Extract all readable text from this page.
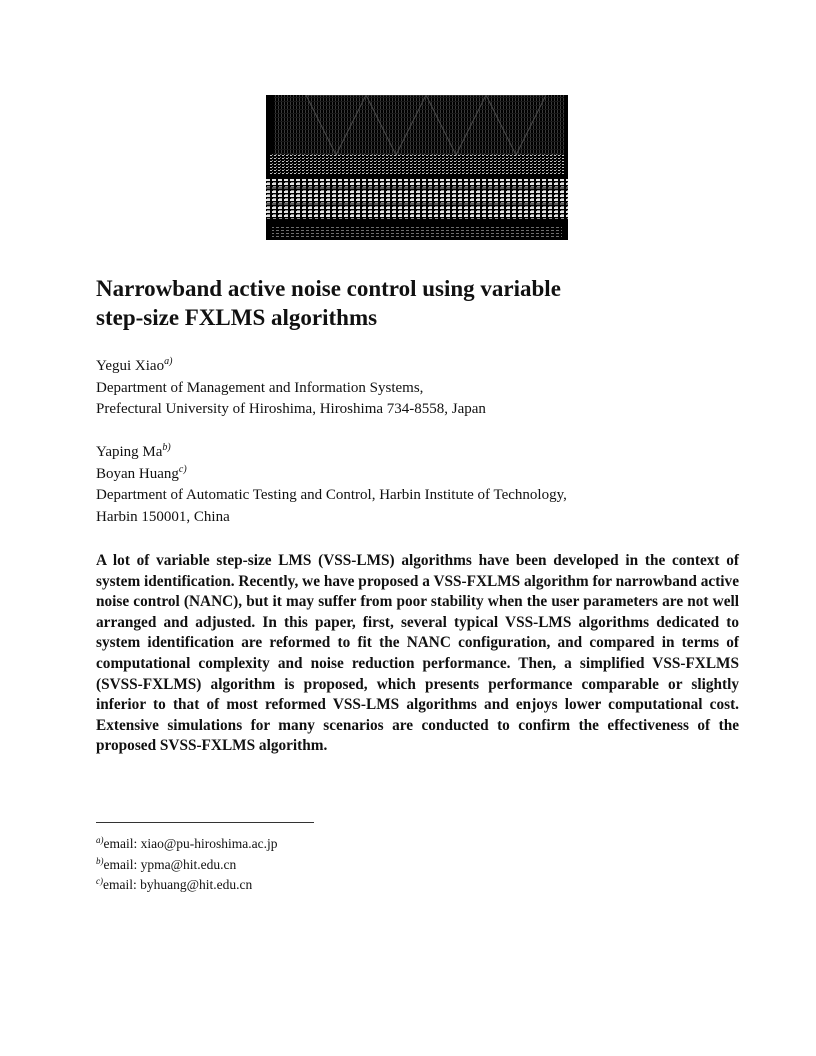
Narrowband active noise control using variable
step-size FXLMS algorithms
Yegui Xiao$^{a)}$
Department of Management and Information Systems,
Prefectural University of Hiroshima, Hiroshima 734-8558, Japan
Yaping Ma$^{b)}$
Boyan Huang$^{c)}$
Department of Automatic Testing and Control, Harbin Institute of Technology,
Harbin 150001, China

A lot of variable step-size LMS (VSS-LMS) algorithms have been developed in the context of system identification. Recently, we have proposed a VSS-FXLMS algorithm for narrowband active noise control (NANC), but it may suffer from poor stability when the user parameters are not well arranged and adjusted. In this paper, first, several typical VSS-LMS algorithms dedicated to system identification are reformed to fit the NANC configuration, and compared in terms of computational complexity and noise reduction performance. Then, a simplified VSS-FXLMS (SVSS-FXLMS) algorithm is proposed, which presents performance comparable or slightly inferior to that of most reformed VSS-LMS algorithms and enjoys lower computational cost. Extensive simulations for many scenarios are conducted to confirm the effectiveness of the proposed SVSS-FXLMS algorithm.

$^{a)}$email: xiao@pu-hiroshima.ac.jp
$^{b)}$email: ypma@hit.edu.cn
$^{c)}$email: byhuang@hit.edu.cn
